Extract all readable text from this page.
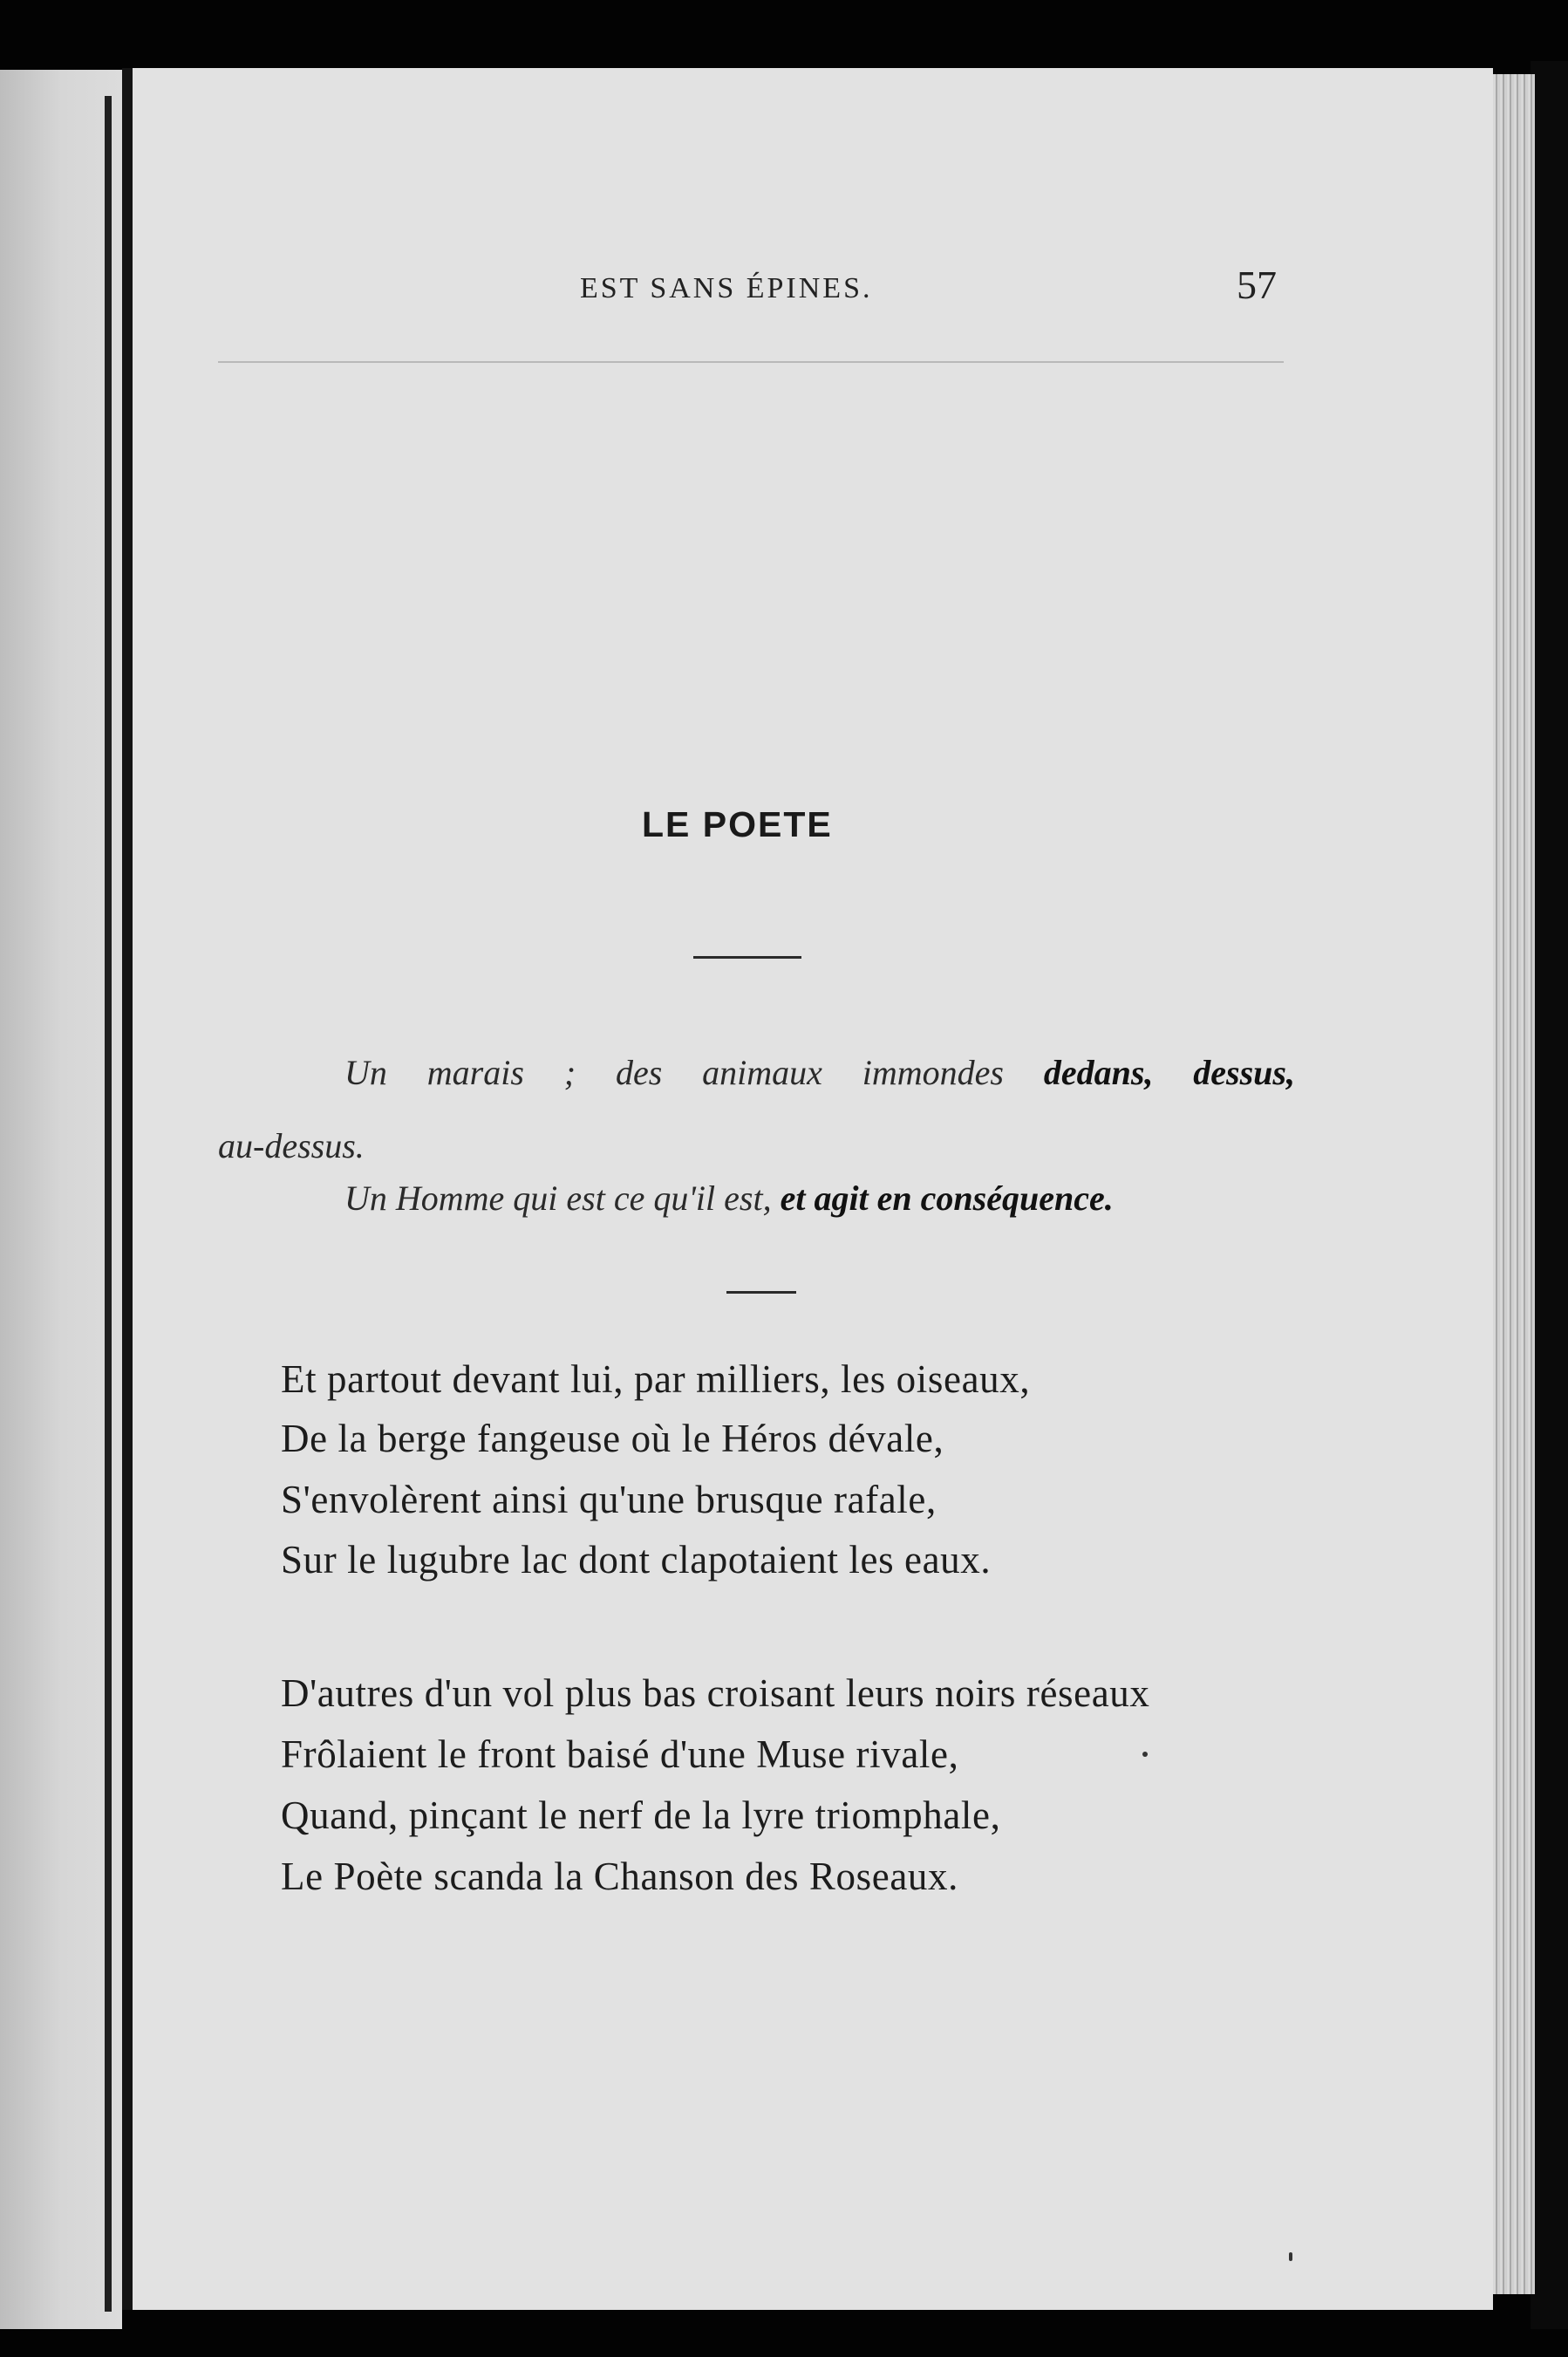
EST SANS ÉPINES.	57
LE POETE
Un marais ; des animaux immondes dedans, dessus,
au-dessus.
Un Homme qui est ce qu'il est, et agit en conséquence.
Et partout devant lui, par milliers, les oiseaux,
De la berge fangeuse où le Héros dévale,
S'envolèrent ainsi qu'une brusque rafale,
Sur le lugubre lac dont clapotaient les eaux.
D'autres d'un vol plus bas croisant leurs noirs réseaux
Frôlaient le front baisé d'une Muse rivale,
Quand, pinçant le nerf de la lyre triomphale,
Le Poète scanda la Chanson des Roseaux.
